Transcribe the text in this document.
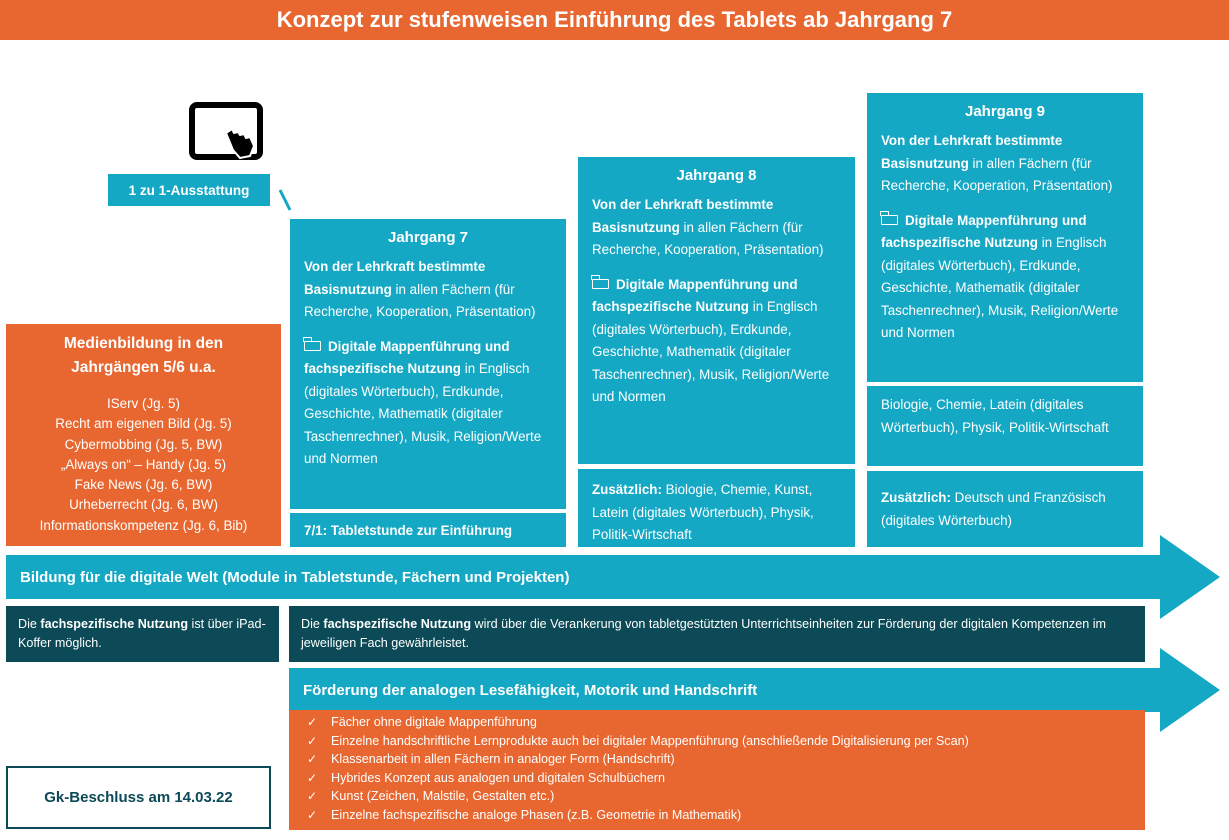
Konzept zur stufenweisen Einführung des Tablets ab Jahrgang 7
1 zu 1-Ausstattung
Medienbildung in den Jahrgängen 5/6 u.a.
IServ (Jg. 5)
Recht am eigenen Bild (Jg. 5)
Cybermobbing (Jg. 5, BW)
„Always on“ – Handy (Jg. 5)
Fake News (Jg. 6, BW)
Urheberrecht (Jg. 6, BW)
Informationskompetenz (Jg. 6, Bib)
Jahrgang 7
Von der Lehrkraft bestimmte Basisnutzung in allen Fächern (für Recherche, Kooperation, Präsentation)
Digitale Mappenführung und fachspezifische Nutzung in Englisch (digitales Wörterbuch), Erdkunde, Geschichte, Mathematik (digitaler Taschenrechner), Musik, Religion/Werte und Normen
7/1: Tabletstunde zur Einführung
Jahrgang 8
Von der Lehrkraft bestimmte Basisnutzung in allen Fächern (für Recherche, Kooperation, Präsentation)
Digitale Mappenführung und fachspezifische Nutzung in Englisch (digitales Wörterbuch), Erdkunde, Geschichte, Mathematik (digitaler Taschenrechner), Musik, Religion/Werte und Normen
Zusätzlich: Biologie, Chemie, Kunst, Latein (digitales Wörterbuch), Physik, Politik-Wirtschaft
Jahrgang 9
Von der Lehrkraft bestimmte Basisnutzung in allen Fächern (für Recherche, Kooperation, Präsentation)
Digitale Mappenführung und fachspezifische Nutzung in Englisch (digitales Wörterbuch), Erdkunde, Geschichte, Mathematik (digitaler Taschenrechner), Musik, Religion/Werte und Normen
Biologie, Chemie, Latein (digitales Wörterbuch), Physik, Politik-Wirtschaft
Zusätzlich: Deutsch und Französisch (digitales Wörterbuch)
Bildung für die digitale Welt (Module in Tabletstunde, Fächern und Projekten)
Die fachspezifische Nutzung ist über iPad-Koffer möglich.
Die fachspezifische Nutzung wird über die Verankerung von tabletgestützten Unterrichtseinheiten zur Förderung der digitalen Kompetenzen im jeweiligen Fach gewährleistet.
Förderung der analogen Lesefähigkeit, Motorik und Handschrift
✓ Fächer ohne digitale Mappenführung
✓ Einzelne handschriftliche Lernprodukte auch bei digitaler Mappenführung (anschließende Digitalisierung per Scan)
✓ Klassenarbeit in allen Fächern in analoger Form (Handschrift)
✓ Hybrides Konzept aus analogen und digitalen Schulbüchern
✓ Kunst (Zeichen, Malstile, Gestalten etc.)
✓ Einzelne fachspezifische analoge Phasen (z.B. Geometrie in Mathematik)
Gk-Beschluss am 14.03.22
